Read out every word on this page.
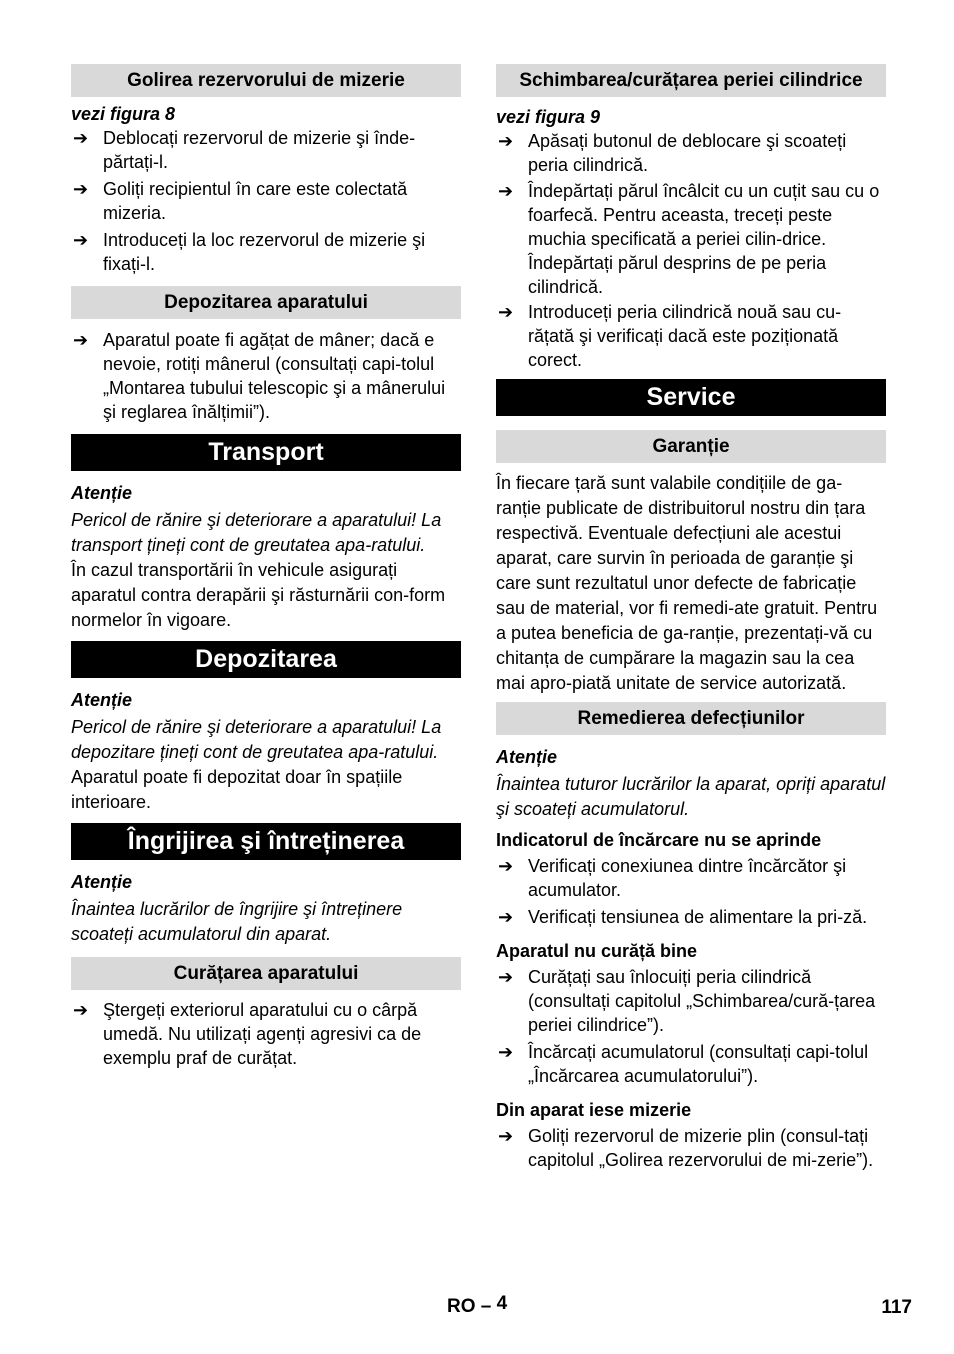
Golirea rezervorului de mizerie
vezi figura 8
➔ Deblocați rezervorul de mizerie şi înde-părtați-l.
➔ Goliți recipientul în care este colectată mizeria.
➔ Introduceți la loc rezervorul de mizerie şi fixați-l.
Depozitarea aparatului
➔ Aparatul poate fi agățat de mâner; dacă e nevoie, rotiți mânerul (consultați capi-tolul „Montarea tubului telescopic şi a mânerului şi reglarea înălțimii”).
Transport
Atenție
Pericol de rănire şi deteriorare a aparatului! La transport țineți cont de greutatea apa-ratului.
În cazul transportării în vehicule asigurați aparatul contra derapării şi răsturnării con-form normelor în vigoare.
Depozitarea
Atenție
Pericol de rănire şi deteriorare a aparatului! La depozitare țineți cont de greutatea apa-ratului.
Aparatul poate fi depozitat doar în spațiile interioare.
Îngrijirea şi întreținerea
Atenție
Înaintea lucrărilor de îngrijire şi întreținere scoateți acumulatorul din aparat.
Curățarea aparatului
➔ Ştergeți exteriorul aparatului cu o cârpă umedă. Nu utilizați agenți agresivi ca de exemplu praf de curățat.
Schimbarea/curățarea periei cilindrice
vezi figura 9
➔ Apăsați butonul de deblocare şi scoateți peria cilindrică.
➔ Îndepărtați părul încâlcit cu un cuțit sau cu o foarfecă. Pentru aceasta, treceți peste muchia specificată a periei cilin-drice. Îndepărtați părul desprins de pe peria cilindrică.
➔ Introduceți peria cilindrică nouă sau cu-rățată şi verificați dacă este poziționată corect.
Service
Garanție
În fiecare țară sunt valabile condițiile de ga-ranție publicate de distribuitorul nostru din țara respectivă. Eventuale defecțiuni ale acestui aparat, care survin în perioada de garanție şi care sunt rezultatul unor defecte de fabricație sau de material, vor fi remedi-ate gratuit. Pentru a putea beneficia de ga-ranție, prezentați-vă cu chitanța de cumpărare la magazin sau la cea mai apro-piată unitate de service autorizată.
Remedierea defecțiunilor
Atenție
Înaintea tuturor lucrărilor la aparat, opriți aparatul şi scoateți acumulatorul.
Indicatorul de încărcare nu se aprinde
➔ Verificați conexiunea dintre încărcător şi acumulator.
➔ Verificați tensiunea de alimentare la pri-ză.
Aparatul nu curăță bine
➔ Curățați sau înlocuiți peria cilindrică (consultați capitolul „Schimbarea/cură-țarea periei cilindrice”).
➔ Încărcați acumulatorul (consultați capi-tolul „Încărcarea acumulatorului”).
Din aparat iese mizerie
➔ Goliți rezervorul de mizerie plin (consul-tați capitolul „Golirea rezervorului de mi-zerie”).
RO – 4	117
